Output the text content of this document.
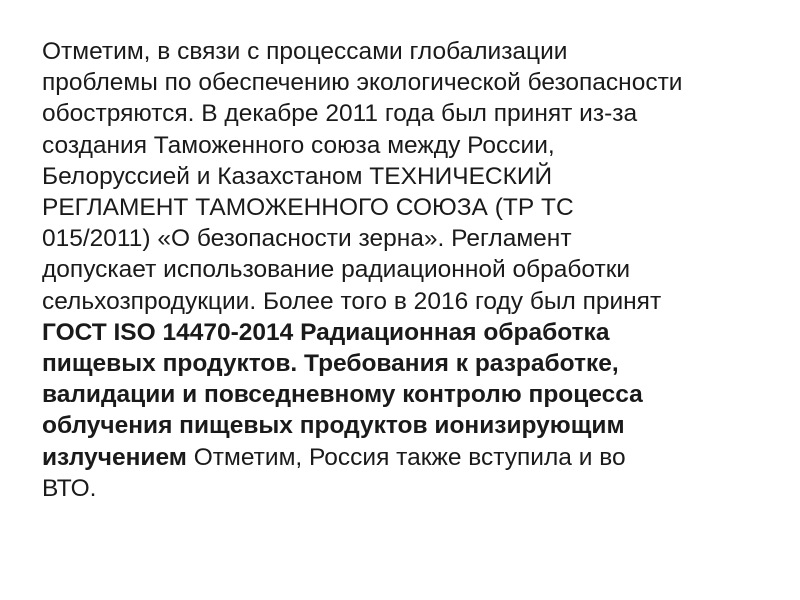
Отметим, в связи с процессами глобализации
проблемы по обеспечению экологической безопасности
обостряются. В декабре 2011 года был принят из-за
создания Таможенного союза между России,
Белоруссией и Казахстаном ТЕХНИЧЕСКИЙ
РЕГЛАМЕНТ ТАМОЖЕННОГО СОЮЗА (ТР ТС
015/2011) «О безопасности зерна». Регламент
допускает использование радиационной обработки
сельхозпродукции. Более того в 2016 году был принят
ГОСТ ISO 14470-2014 Радиационная обработка
пищевых продуктов. Требования к разработке,
валидации и повседневному контролю процесса
облучения пищевых продуктов ионизирующим
излучением Отметим, Россия также вступила и во
ВТО.
